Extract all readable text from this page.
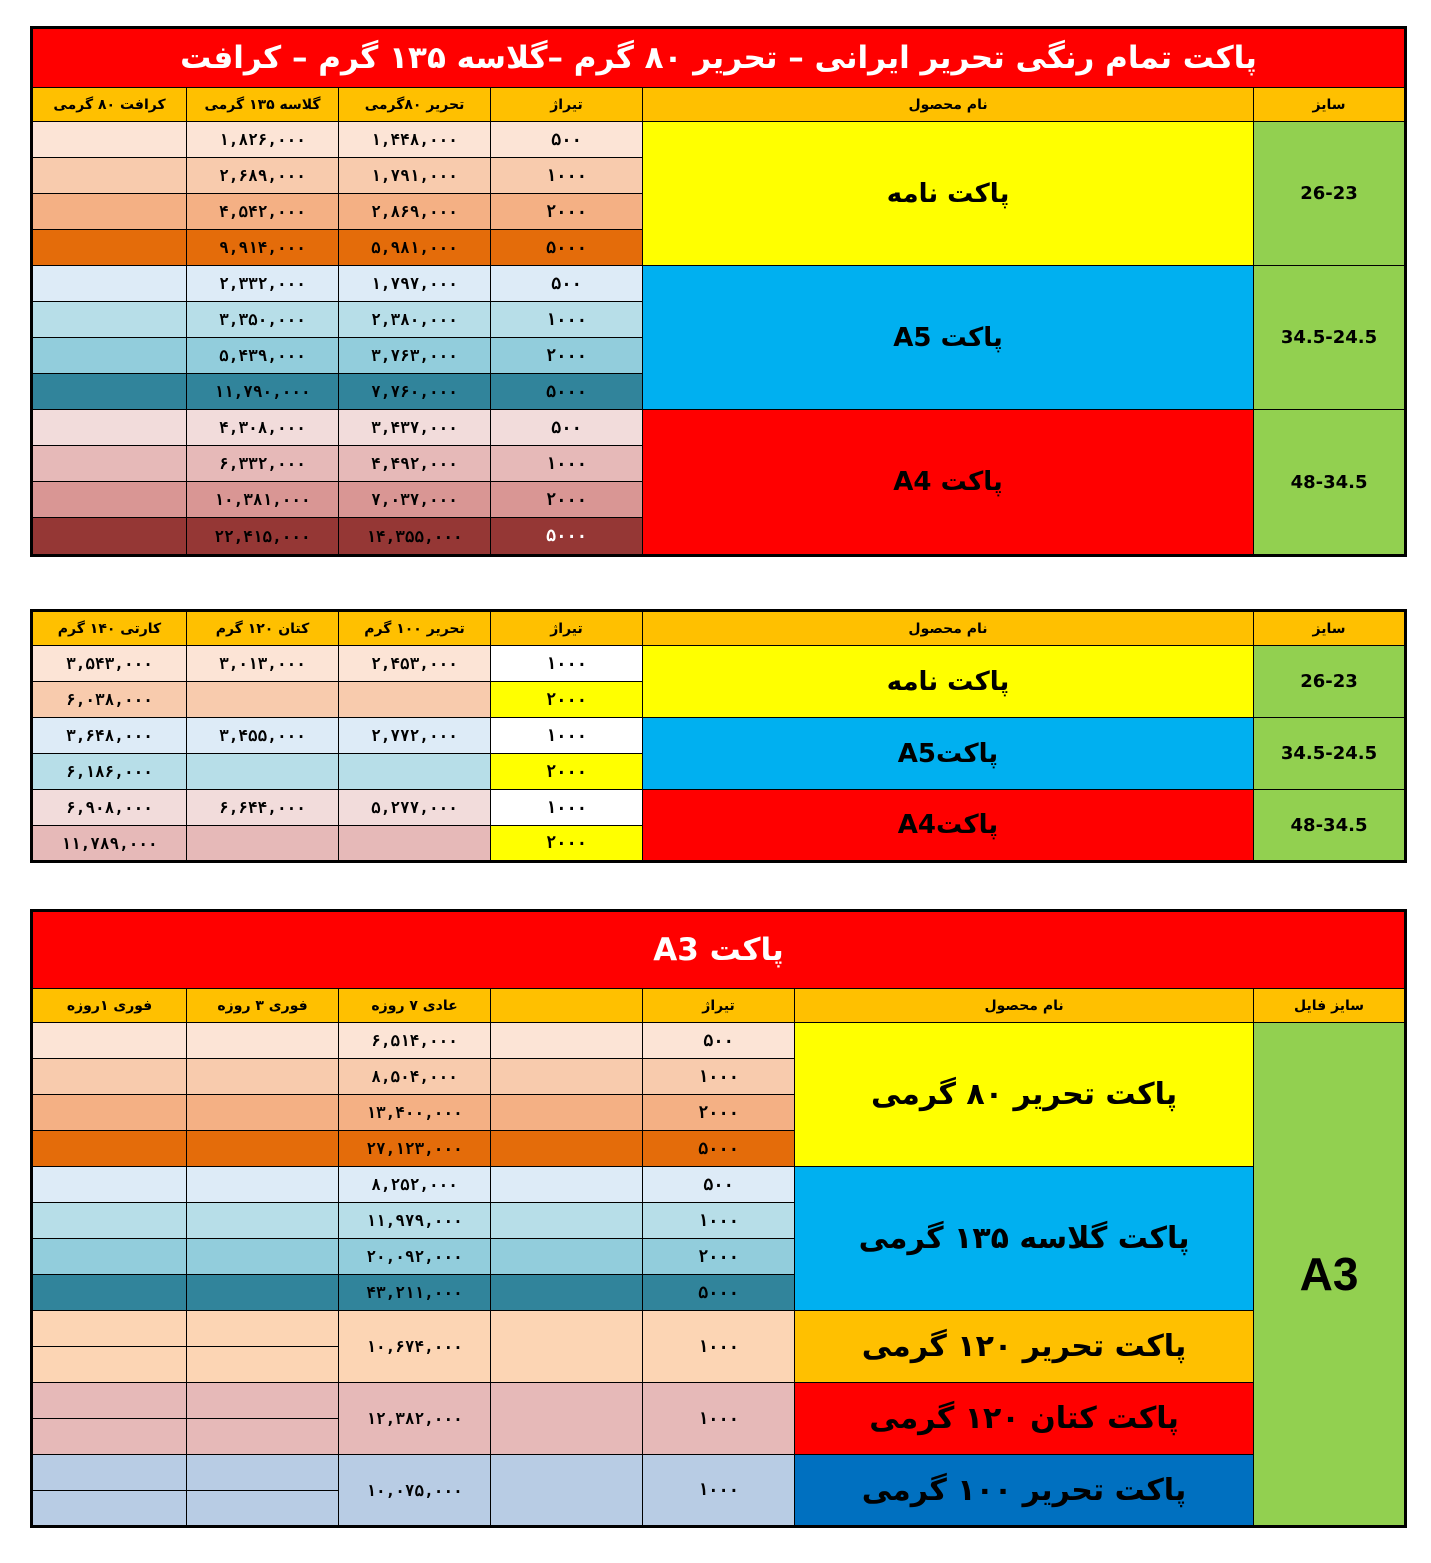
پاکت تمام رنگی تحریر ایرانی – تحریر ۸۰ گرم –گلاسه ۱۳۵ گرم – کرافت					
سایز	نام محصول	تیراژ	تحریر ۸۰گرمی	گلاسه ۱۳۵ گرمی	کرافت ۸۰ گرمی
26-23	پاکت نامه	۵۰۰	۱,۴۴۸,۰۰۰	۱,۸۲۶,۰۰۰	
		۱۰۰۰	۱,۷۹۱,۰۰۰	۲,۶۸۹,۰۰۰	
		۲۰۰۰	۲,۸۶۹,۰۰۰	۴,۵۴۲,۰۰۰	
		۵۰۰۰	۵,۹۸۱,۰۰۰	۹,۹۱۴,۰۰۰	
34.5-24.5	پاکت A5	۵۰۰	۱,۷۹۷,۰۰۰	۲,۳۳۲,۰۰۰	
		۱۰۰۰	۲,۳۸۰,۰۰۰	۳,۳۵۰,۰۰۰	
		۲۰۰۰	۳,۷۶۳,۰۰۰	۵,۴۳۹,۰۰۰	
		۵۰۰۰	۷,۷۶۰,۰۰۰	۱۱,۷۹۰,۰۰۰	
48-34.5	پاکت A4	۵۰۰	۳,۴۳۷,۰۰۰	۴,۳۰۸,۰۰۰	
		۱۰۰۰	۴,۴۹۲,۰۰۰	۶,۳۳۲,۰۰۰	
		۲۰۰۰	۷,۰۳۷,۰۰۰	۱۰,۳۸۱,۰۰۰	
		۵۰۰۰	۱۴,۳۵۵,۰۰۰	۲۲,۴۱۵,۰۰۰	
سایز	نام محصول	تیراژ	تحریر ۱۰۰ گرم	کتان ۱۲۰ گرم	کارتی ۱۴۰ گرم
26-23	پاکت نامه	۱۰۰۰	۲,۴۵۳,۰۰۰	۳,۰۱۳,۰۰۰	۳,۵۴۳,۰۰۰
		۲۰۰۰			۶,۰۳۸,۰۰۰
34.5-24.5	پاکتA5	۱۰۰۰	۲,۷۷۲,۰۰۰	۳,۴۵۵,۰۰۰	۳,۶۴۸,۰۰۰
		۲۰۰۰			۶,۱۸۶,۰۰۰
48-34.5	پاکتA4	۱۰۰۰	۵,۲۷۷,۰۰۰	۶,۶۴۴,۰۰۰	۶,۹۰۸,۰۰۰
		۲۰۰۰			۱۱,۷۸۹,۰۰۰
پاکت A3						
سایز فایل	نام محصول	تیراژ		عادی ۷ روزه	فوری ۳ روزه	فوری ۱روزه
A3	پاکت تحریر ۸۰ گرمی	۵۰۰		۶,۵۱۴,۰۰۰		
		۱۰۰۰		۸,۵۰۴,۰۰۰		
		۲۰۰۰		۱۳,۴۰۰,۰۰۰		
		۵۰۰۰		۲۷,۱۲۳,۰۰۰		
	پاکت گلاسه ۱۳۵ گرمی	۵۰۰		۸,۲۵۲,۰۰۰		
		۱۰۰۰		۱۱,۹۷۹,۰۰۰		
		۲۰۰۰		۲۰,۰۹۲,۰۰۰		
		۵۰۰۰		۴۳,۲۱۱,۰۰۰		
	پاکت تحریر ۱۲۰ گرمی	۱۰۰۰		۱۰,۶۷۴,۰۰۰		

	پاکت کتان ۱۲۰ گرمی	۱۰۰۰		۱۲,۳۸۲,۰۰۰		

	پاکت تحریر ۱۰۰ گرمی	۱۰۰۰		۱۰,۰۷۵,۰۰۰		
